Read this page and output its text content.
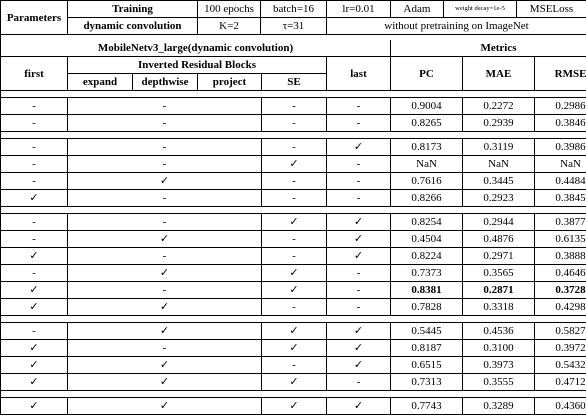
Parameters	Training	100 epochs	batch=16	lr=0.01	Adam	weight decay=1e-5	MSELoss
	dynamic convolution	K=2	τ=31	without pretraining on ImageNet			

MobileNetv3_large(dynamic convolution)						Metrics		
first	Inverted Residual Blocks				last	PC	MAE	RMSE
	expand	depthwise	project	SE				

-	-			-	-	0.9004	0.2272	0.2986
-	-			-	-	0.8265	0.2939	0.3846

-	-			-	✓	0.8173	0.3119	0.3986
-	-			✓	-	NaN	NaN	NaN
-	✓			-	-	0.7616	0.3445	0.4484
✓	-			-	-	0.8266	0.2923	0.3845

-	-			✓	✓	0.8254	0.2944	0.3877
-	✓			-	✓	0.4504	0.4876	0.6135
✓	-			-	✓	0.8224	0.2971	0.3888
-	✓			✓	-	0.7373	0.3565	0.4646
✓	-			✓	-	0.8381	0.2871	0.3728
✓	✓			-	-	0.7828	0.3318	0.4298

-	✓			✓	✓	0.5445	0.4536	0.5827
✓	-			✓	✓	0.8187	0.3100	0.3972
✓	✓			-	✓	0.6515	0.3973	0.5432
✓	✓			✓	-	0.7313	0.3555	0.4712

✓	✓			✓	✓	0.7743	0.3289	0.4360
